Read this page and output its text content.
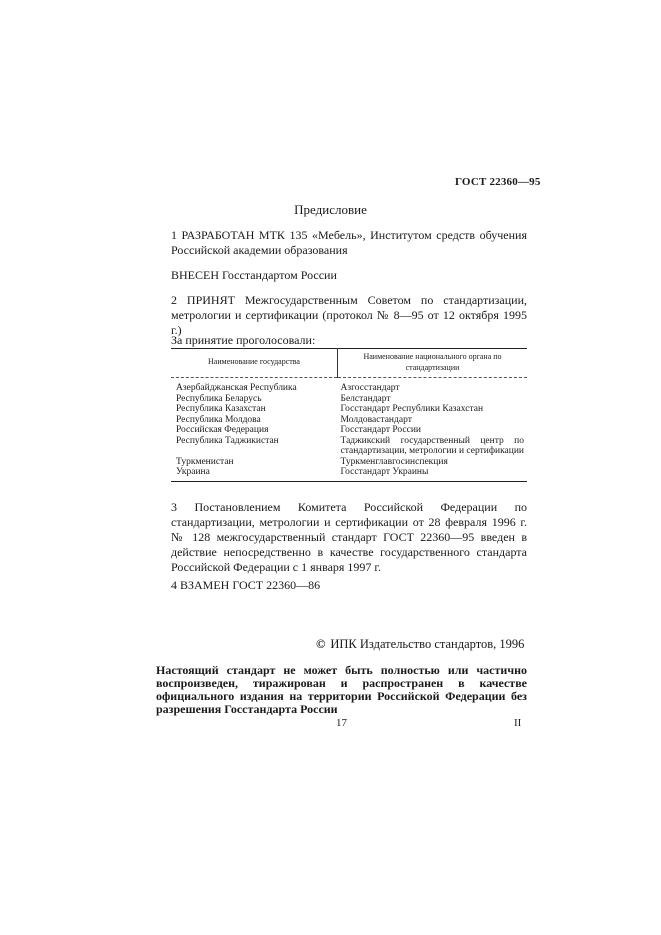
ГОСТ 22360—95
Предисловие
1 РАЗРАБОТАН МТК 135 «Мебель», Институтом средств обучения Российской академии образования
ВНЕСЕН Госстандартом России
2 ПРИНЯТ Межгосударственным Советом по стандартизации, метрологии и сертификации (протокол № 8—95 от 12 октября 1995 г.)
За принятие проголосовали:
Наименование государства	Наименование национального органа по стандартизации
Азербайджанская Республика	Азгосстандарт
Республика Беларусь	Белстандарт
Республика Казахстан	Госстандарт Республики Казахстан
Республика Молдова	Молдовастандарт
Российская Федерация	Госстандарт России
Республика Таджикистан	Таджикский государственный центр по стандартизации, метрологии и сертификации
Туркменистан	Туркменглавгосинспекция
Украина	Госстандарт Украины
3 Постановлением Комитета Российской Федерации по стандартизации, метрологии и сертификации от 28 февраля 1996 г. № 128 межгосударственный стандарт ГОСТ 22360—95 введен в действие непосредственно в качестве государственного стандарта Российской Федерации с 1 января 1997 г.
4 ВЗАМЕН ГОСТ 22360—86
© ИПК Издательство стандартов, 1996
Настоящий стандарт не может быть полностью или частично воспроизведен, тиражирован и распространен в качестве официального издания на территории Российской Федерации без разрешения Госстандарта России
17	II
